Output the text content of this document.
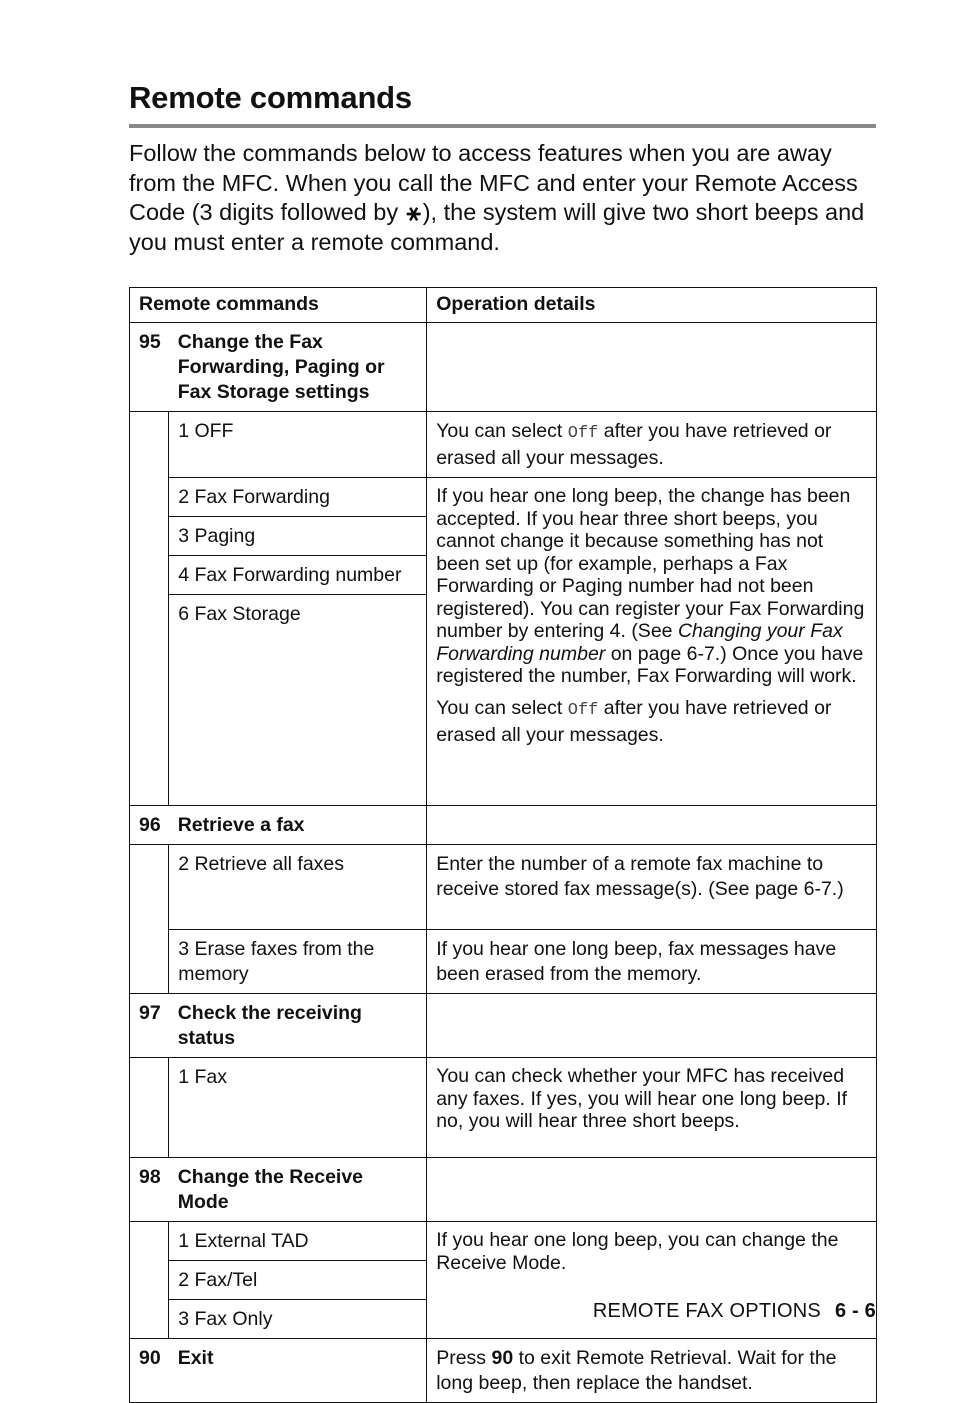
Remote commands

Follow the commands below to access features when you are away from the MFC. When you call the MFC and enter your Remote Access Code (3 digits followed by ⚹), the system will give two short beeps and you must enter a remote command.

Remote commands		Operation details
95	Change the Fax Forwarding, Paging or Fax Storage settings	
	1 OFF	You can select Off after you have retrieved or erased all your messages.
	2 Fax Forwarding	If you hear one long beep, the change has been accepted. If you hear three short beeps, you cannot change it because something has not been set up (for example, perhaps a Fax Forwarding or Paging number had not been registered). You can register your Fax Forwarding number by entering 4. (See Changing your Fax Forwarding number on page 6-7.) Once you have registered the number, Fax Forwarding will work.

You can select Off after you have retrieved or erased all your messages.

	3 Paging	
	4 Fax Forwarding number	
	6 Fax Storage	
96	Retrieve a fax	
	2 Retrieve all faxes	Enter the number of a remote fax machine to receive stored fax message(s). (See page 6-7.)
	3 Erase faxes from the memory	If you hear one long beep, fax messages have been erased from the memory.
97	Check the receiving status	
	1 Fax	You can check whether your MFC has received any faxes. If yes, you will hear one long beep. If no, you will hear three short beeps.
98	Change the Receive Mode	
	1 External TAD	If you hear one long beep, you can change the Receive Mode.
	2 Fax/Tel	
	3 Fax Only	
90	Exit	Press 90 to exit Remote Retrieval. Wait for the long beep, then replace the handset.
REMOTE FAX OPTIONS 6 - 6
